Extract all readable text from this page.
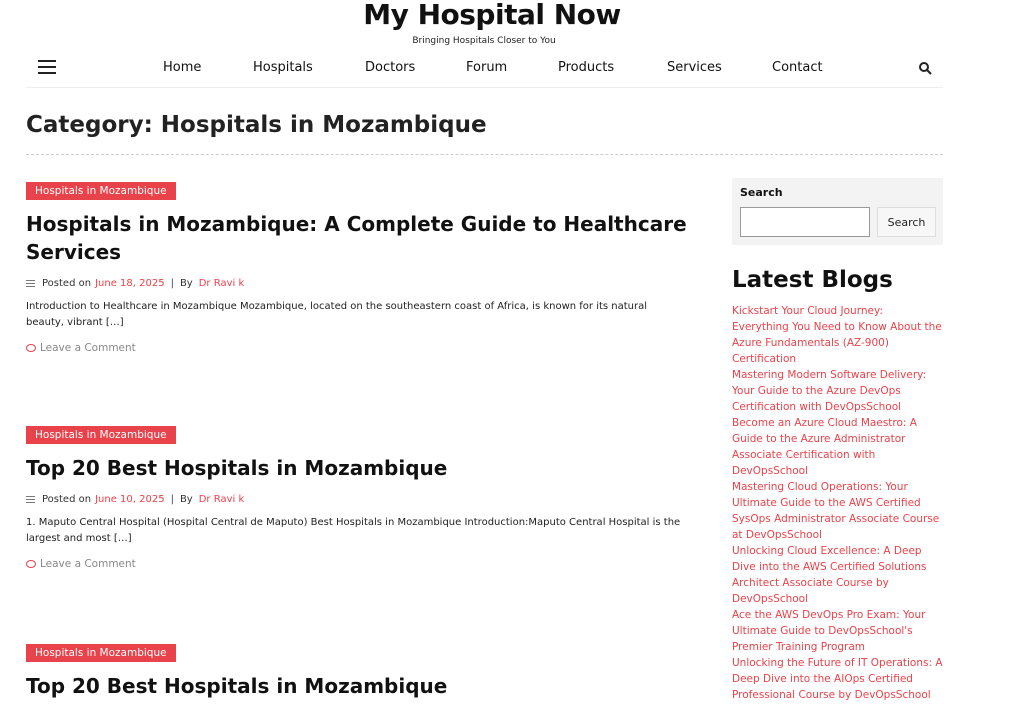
My Hospital Now
Bringing Hospitals Closer to You
Home	Hospitals	Doctors	Forum	Products	Services	Contact
Category: Hospitals in Mozambique
Hospitals in Mozambique
Hospitals in Mozambique: A Complete Guide to Healthcare Services
Posted on June 18, 2025 | By Dr Ravi k

Introduction to Healthcare in Mozambique Mozambique, located on the southeastern coast of Africa, is known for its natural beauty, vibrant […]

Leave a Comment
Hospitals in Mozambique
Top 20 Best Hospitals in Mozambique
Posted on June 10, 2025 | By Dr Ravi k

1. Maputo Central Hospital (Hospital Central de Maputo) Best Hospitals in Mozambique Introduction:Maputo Central Hospital is the largest and most […]

Leave a Comment
Hospitals in Mozambique
Top 20 Best Hospitals in Mozambique
Search
Search
Latest Blogs
Kickstart Your Cloud Journey: Everything You Need to Know About the Azure Fundamentals (AZ-900) Certification
Mastering Modern Software Delivery: Your Guide to the Azure DevOps Certification with DevOpsSchool
Become an Azure Cloud Maestro: A Guide to the Azure Administrator Associate Certification with DevOpsSchool
Mastering Cloud Operations: Your Ultimate Guide to the AWS Certified SysOps Administrator Associate Course at DevOpsSchool
Unlocking Cloud Excellence: A Deep Dive into the AWS Certified Solutions Architect Associate Course by DevOpsSchool
Ace the AWS DevOps Pro Exam: Your Ultimate Guide to DevOpsSchool's Premier Training Program
Unlocking the Future of IT Operations: A Deep Dive into the AIOps Certified Professional Course by DevOpsSchool
